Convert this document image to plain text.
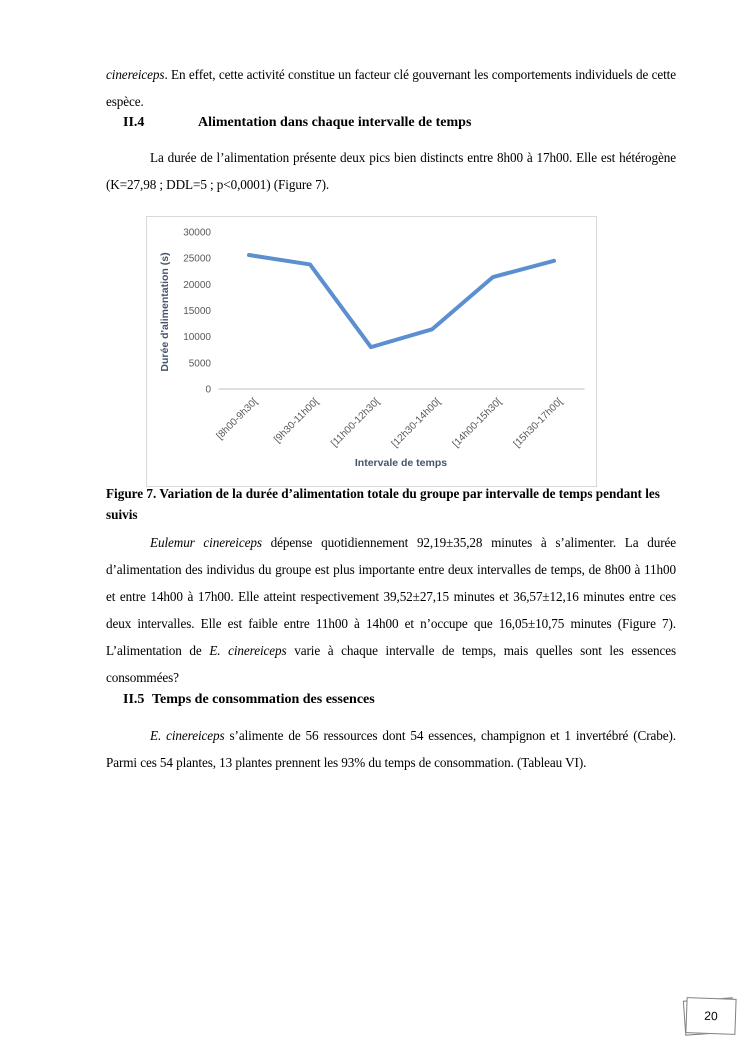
cinereiceps. En effet, cette activité constitue un facteur clé gouvernant les comportements individuels de cette espèce.

II.4	Alimentation dans chaque intervalle de temps

La durée de l’alimentation présente deux pics bien distincts entre 8h00 à 17h00. Elle est hétérogène (K=27,98 ; DDL=5 ; p<0,0001) (Figure 7).

0
5000
10000
15000
20000
25000
30000
[8h00-9h30[ [9h30-11h00[ [11h00-12h30[ [12h30-14h00[ [14h00-15h30[ [15h30-17h00[
Durée d'alimentation (s)
Intervale de temps

Figure 7. Variation de la durée d’alimentation totale du groupe par intervalle de temps pendant les suivis

Eulemur cinereiceps dépense quotidiennement 92,19±35,28 minutes à s’alimenter. La durée d’alimentation des individus du groupe est plus importante entre deux intervalles de temps, de 8h00 à 11h00 et entre 14h00 à 17h00. Elle atteint respectivement 39,52±27,15 minutes et 36,57±12,16 minutes entre ces deux intervalles. Elle est faible entre 11h00 à 14h00 et n’occupe que 16,05±10,75 minutes (Figure 7). L’alimentation de E. cinereiceps varie à chaque intervalle de temps, mais quelles sont les essences consommées?

II.5 Temps de consommation des essences

E. cinereiceps s’alimente de 56 ressources dont 54 essences, champignon et 1 invertébré (Crabe). Parmi ces 54 plantes, 13 plantes prennent les 93% du temps de consommation. (Tableau VI).

20
